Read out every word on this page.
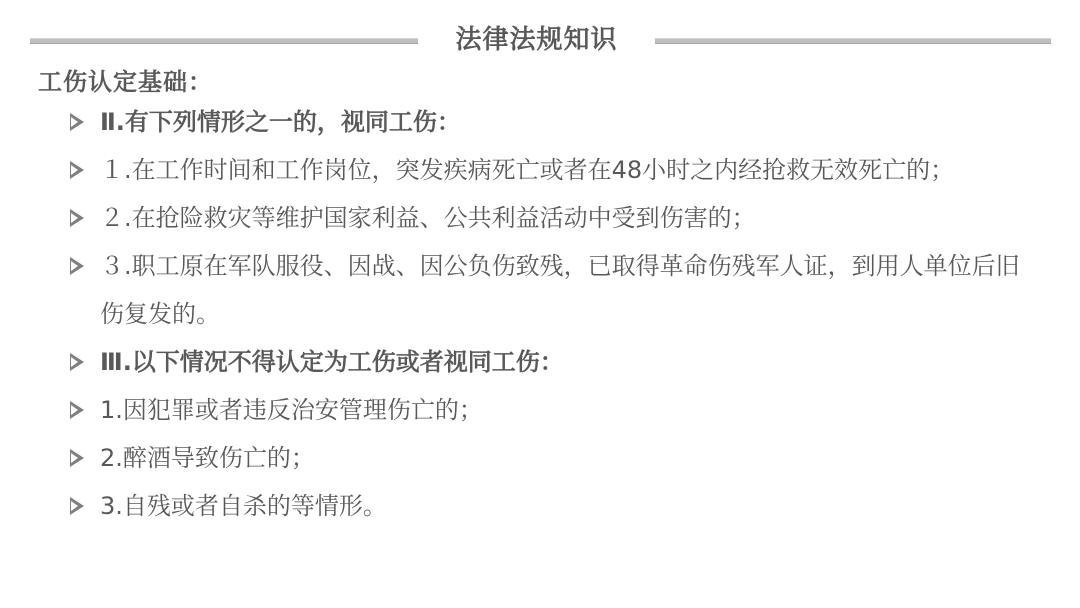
法律法规知识
工伤认定基础：
Ⅱ.有下列情形之一的，视同工伤：
１.在工作时间和工作岗位，突发疾病死亡或者在48小时之内经抢救无效死亡的；
２.在抢险救灾等维护国家利益、公共利益活动中受到伤害的；
３.职工原在军队服役、因战、因公负伤致残，已取得革命伤残军人证，到用人单位后旧伤复发的。
Ⅲ.以下情况不得认定为工伤或者视同工伤：
1.因犯罪或者违反治安管理伤亡的；
2.醉酒导致伤亡的；
3.自残或者自杀的等情形。
